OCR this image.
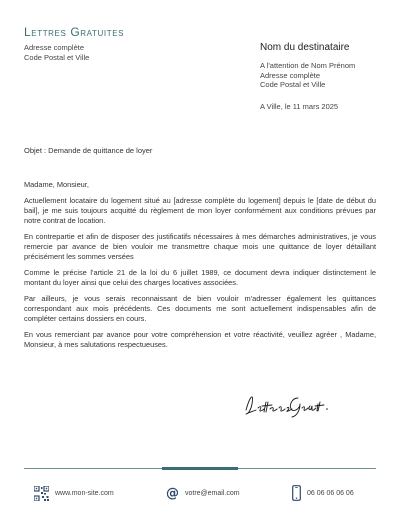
Lettres Gratuites
Adresse complète
Code Postal et Ville
Nom du destinataire
A l'attention de Nom Prénom
Adresse complète
Code Postal et Ville
A Ville, le 11 mars 2025
Objet : Demande de quittance de loyer

Madame, Monsieur,

Actuellement locataire du logement situé au [adresse complète du logement] depuis le [date de début du bail], je me suis toujours acquitté du règlement de mon loyer conformément aux conditions prévues par notre contrat de location.

En contrepartie et afin de disposer des justificatifs nécessaires à mes démarches administratives, je vous remercie par avance de bien vouloir me transmettre chaque mois une quittance de loyer détaillant précisément les sommes versées

Comme le précise l'article 21 de la loi du 6 juillet 1989, ce document devra indiquer distinctement le montant du loyer ainsi que celui des charges locatives associées.

Par ailleurs, je vous serais reconnaissant de bien vouloir m'adresser également les quittances correspondant aux mois précédents. Ces documents me sont actuellement indispensables afin de compléter certains dossiers en cours.

En vous remerciant par avance pour votre compréhension et votre réactivité, veuillez agréer , Madame, Monsieur, à mes salutations respectueuses.

www.mon-site.com	@ votre@email.com	06 06 06 06 06
